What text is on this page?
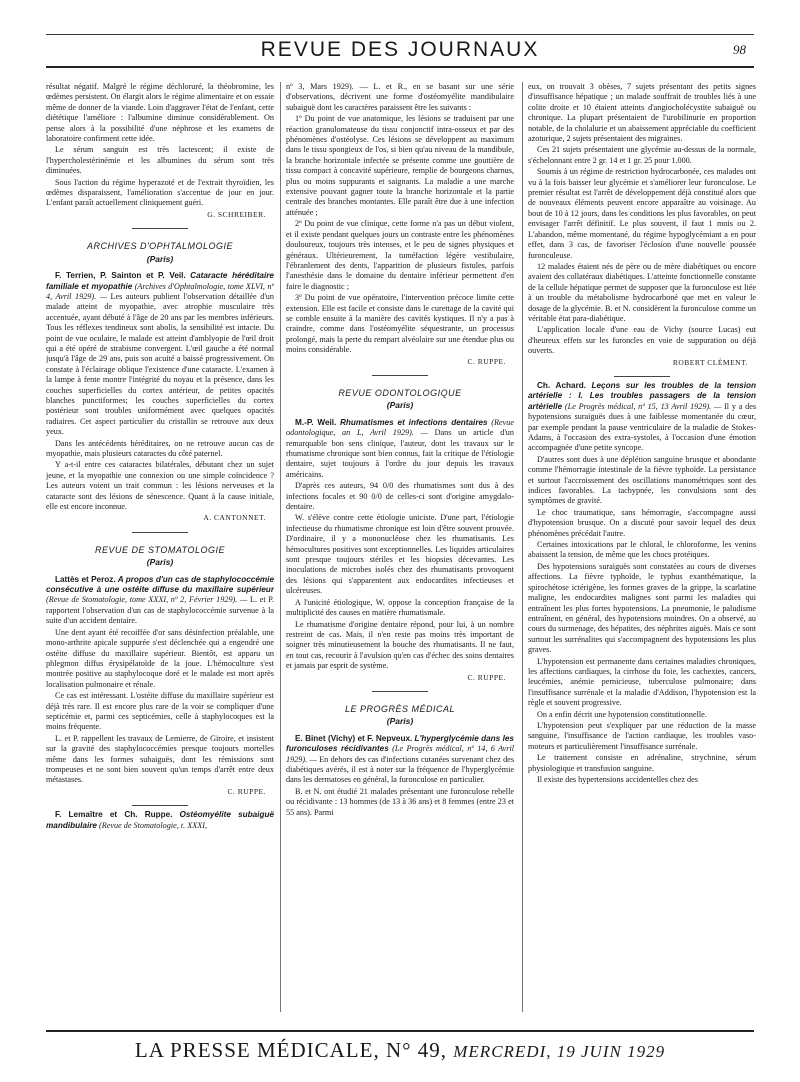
REVUE DES JOURNAUX	98

résultat négatif. Malgré le régime déchloruré, la théobromine, les œdèmes persistent. On élargit alors le régime alimentaire et on essaie même de donner de la viande. Loin d'aggraver l'état de l'enfant, cette diététique l'améliore : l'albumine diminue considérablement. On pense alors à la possibilité d'une néphrose et les examens de laboratoire confirment cette idée.

Le sérum sanguin est très lactescent; il existe de l'hypercholestérinémie et les albumines du sérum sont très diminuées.

Sous l'action du régime hyperazoté et de l'extrait thyroïdien, les œdèmes disparaissent, l'amélioration s'accentue de jour en jour. L'enfant paraît actuellement cliniquement guéri.

G. SCHREIBER.
ARCHIVES D'OPHTALMOLOGIE
(Paris)

F. Terrien, P. Sainton et P. Veil. Cataracte héréditaire familiale et myopathie (Archives d'Ophtalmologie, tome XLVI, nº 4, Avril 1929). — Les auteurs publient l'observation détaillée d'un malade atteint de myopathie, avec atrophie musculaire très accentuée, ayant débuté à l'âge de 20 ans par les membres inférieurs. Tous les réflexes tendineux sont abolis, la sensibilité est intacte. Du point de vue oculaire, le malade est atteint d'amblyopie de l'œil droit qui a été opéré de strabisme convergent. L'œil gauche a été normal jusqu'à l'âge de 29 ans, puis son acuité a baissé progressivement. On constate à l'éclairage oblique l'existence d'une cataracte. L'examen à la lampe à fente montre l'intégrité du noyau et la présence, dans les couches superficielles du cortex antérieur, de petites opacités blanches punctiformes; les couches superficielles du cortex postérieur sont troubles uniformément avec quelques opacités radiaires. Cet aspect particulier du cristallin se retrouve aux deux yeux.

Dans les antécédents héréditaires, on ne retrouve aucun cas de myopathie, mais plusieurs cataractes du côté paternel.

Y a-t-il entre ces cataractes bilatérales, débutant chez un sujet jeune, et la myopathie une connexion ou une simple coïncidence ? Les auteurs voient un trait commun : les lésions nerveuses et la cataracte sont des lésions de sénescence. Quant à la cause initiale, elle est encore inconnue.

A. CANTONNET.
REVUE DE STOMATOLOGIE
(Paris)

Lattès et Peroz. A propos d'un cas de staphylococcémie consécutive à une ostéite diffuse du maxillaire supérieur (Revue de Stomatologie, tome XXXI, nº 2, Février 1929). — L. et P. rapportent l'observation d'un cas de staphylococcémie survenue à la suite d'un accident dentaire.

Une dent ayant été recoiffée d'or sans désinfection préalable, une mono-arthrite apicale suppurée s'est déclenchée qui a engendré une ostéite diffuse du maxillaire supérieur. Bientôt, est apparu un phlegmon diffus érysipélatoïde de la joue. L'hémoculture s'est montrée positive au staphylocoque doré et le malade est mort après localisation pulmonaire et rénale.

Ce cas est intéressant. L'ostéite diffuse du maxillaire supérieur est déjà très rare. Il est encore plus rare de la voir se compliquer d'une septicémie et, parmi ces septicémies, celle à staphylocoques est la moins fréquente.

L. et P. rappellent les travaux de Lemierre, de Giroire, et insistent sur la gravité des staphylococcémies presque toujours mortelles même dans les formes subaiguës, dont les rémissions sont trompeuses et ne sont bien souvent qu'un temps d'arrêt entre deux métastases.

C. RUPPE.

F. Lemaître et Ch. Ruppe. Ostéomyélite subaiguë mandibulaire (Revue de Stomatologie, t. XXXI,

nº 3, Mars 1929). — L. et R., en se basant sur une série d'observations, décrivent une forme d'ostéomyélite mandibulaire subaiguë dont les caractères paraissent être les suivants :

1º Du point de vue anatomique, les lésions se traduisent par une réaction granulomateuse du tissu conjonctif intra-osseux et par des phénomènes d'ostéolyse. Ces lésions se développent au maximum dans le tissu spongieux de l'os, si bien qu'au niveau de la mandibule, la branche horizontale infectée se présente comme une gouttière de tissu compact à concavité supérieure, remplie de bourgeons charnus, plus ou moins suppurants et saignants. La maladie a une marche extensive pouvant gagner toute la branche horizontale et la partie centrale des branches montantes. Elle paraît être due à une infection atténuée ;

2º Du point de vue clinique, cette forme n'a pas un début violent, et il existe pendant quelques jours un contraste entre les phénomènes douloureux, toujours très intenses, et le peu de signes physiques et généraux. Ultérieurement, la tuméfaction légère vestibulaire, l'ébranlement des dents, l'apparition de plusieurs fistules, parfois l'anesthésie dans le domaine du dentaire inférieur permettent d'en faire le diagnostic ;

3º Du point de vue opératoire, l'intervention précoce limite cette extension. Elle est facile et consiste dans le curettage de la cavité qui se comble ensuite à la manière des cavités kystiques. Il n'y a pas à craindre, comme dans l'ostéomyélite séquestrante, un processus prolongé, mais la perte du rempart alvéolaire sur une étendue plus ou moins considérable.

C. RUPPE.
REVUE ODONTOLOGIQUE
(Paris)

M.-P. Weil. Rhumatismes et infections dentaires (Revue odontologique, an L, Avril 1929). — Dans un article d'un remarquable bon sens clinique, l'auteur, dont les travaux sur le rhumatisme chronique sont bien connus, fait la critique de l'étiologie dentaire, sujet toujours à l'ordre du jour depuis les travaux américains.

D'après ces auteurs, 94 0/0 des rhumatismes sont dus à des infections focales et 90 0/0 de celles-ci sont d'origine amygdalo-dentaire.

W. s'élève contre cette étiologie uniciste. D'une part, l'étiologie infectieuse du rhumatisme chronique est loin d'être souvent prouvée. D'ordinaire, il y a mononucléose chez les rhumatisants. Les hémocultures positives sont exceptionnelles. Les liquides articulaires sont presque toujours stériles et les biopsies décevantes. Les inoculations de microbes isolés chez des rhumatisants provoquent des lésions qui s'apparentent aux endocardites infectieuses et ulcéreuses.

A l'unicité étiologique, W. oppose la conception française de la multiplicité des causes en matière rhumatismale.

Le rhumatisme d'origine dentaire répond, pour lui, à un nombre restreint de cas. Mais, il n'en reste pas moins très important de soigner très minutieusement la bouche des rhumatisants. Il ne faut, en tout cas, recourir à l'avulsion qu'en cas d'échec des soins dentaires et jamais par esprit de système.

C. RUPPE.
LE PROGRÈS MÉDICAL
(Paris)

E. Binet (Vichy) et F. Nepveux. L'hyperglycémie dans les furonculoses récidivantes (Le Progrès médical, nº 14, 6 Avril 1929). — En dehors des cas d'infections cutanées survenant chez des diabétiques avérés, il est à noter sur la fréquence de l'hyperglycémie dans les dermatoses en général, la furonculose en particulier.

B. et N. ont étudié 21 malades présentant une furonculose rebelle ou récidivante : 13 hommes (de 13 à 36 ans) et 8 femmes (entre 23 et 55 ans). Parmi

eux, on trouvait 3 obèses, 7 sujets présentant des petits signes d'insuffisance hépatique ; un malade souffrait de troubles liés à une colite droite et 10 étaient atteints d'angiocholécystite subaiguë ou chronique. La plupart présentaient de l'urobilinurie en proportion notable, de la cholalurie et un abaissement appréciable du coefficient azoturique, 2 sujets présentaient des migraines.

Ces 21 sujets présentaient une glycémie au-dessus de la normale, s'échelonnant entre 2 gr. 14 et 1 gr. 25 pour 1.000.

Soumis à un régime de restriction hydrocarbonée, ces malades ont vu à la fois baisser leur glycémie et s'améliorer leur furonculose. Le premier résultat est l'arrêt de développement déjà constitué alors que de nouveaux éléments peuvent encore apparaître au voisinage. Au bout de 10 à 12 jours, dans les conditions les plus favorables, on peut envisager l'arrêt définitif. Le plus souvent, il faut 1 mois ou 2. L'abandon, même momentané, du régime hypoglycémiant a en pour effet, dans 3 cas, de favoriser l'éclosion d'une nouvelle poussée furonculeuse.

12 malades étaient nés de père ou de mère diabétiques ou encore avaient des collatéraux diabétiques. L'atteinte fonctionnelle constante de la cellule hépatique permet de supposer que la furonculose est liée à un trouble du métabolisme hydrocarboné que met en valeur le dosage de la glycémie. B. et N. considèrent la furonculose comme un véritable état para-diabétique.

L'application locale d'une eau de Vichy (source Lucas) eut d'heureux effets sur les furoncles en voie de suppuration ou déjà ouverts.

ROBERT CLÉMENT.

Ch. Achard. Leçons sur les troubles de la tension artérielle : I. Les troubles passagers de la tension artérielle (Le Progrès médical, nº 15, 13 Avril 1929). — Il y a des hypotensions suraiguës dues à une faiblesse momentanée du cœur, par exemple pendant la pause ventriculaire de la maladie de Stokes-Adams, à l'occasion des extra-systoles, à l'occasion d'une émotion accompagnée d'une petite syncope.

D'autres sont dues à une déplétion sanguine brusque et abondante comme l'hémorragie intestinale de la fièvre typhoïde. La persistance et surtout l'accroissement des oscillations manométriques sont des indices favorables. La tachypnée, les convulsions sont des symptômes de gravité.

Le choc traumatique, sans hémorragie, s'accompagne aussi d'hypotension brusque. On a discuté pour savoir lequel des deux phénomènes précédait l'autre.

Certaines intoxications par le chloral, le chloroforme, les venins abaissent la tension, de même que les chocs protéiques.

Des hypotensions suraiguës sont constatées au cours de diverses affections. La fièvre typhoïde, le typhus exanthématique, la spirochétose ictérigène, les formes graves de la grippe, la scarlatine maligne, les endocardites malignes sont parmi les maladies qui entraînent les plus fortes hypotensions. La pneumonie, le paludisme entraînent, en général, des hypotensions moindres. On a observé, au cours du surmenage, des hépatites, des néphrites aiguës. Mais ce sont surtout les surrénalites qui s'accompagnent des hypotensions les plus graves.

L'hypotension est permanente dans certaines maladies chroniques, les affections cardiaques, la cirrhose du foie, les cachexies, cancers, leucémies, anémie pernicieuse, tuberculose pulmonaire; dans l'insuffisance surrénale et la maladie d'Addison, l'hypotension est la règle et souvent progressive.

On a enfin décrit une hypotension constitutionnelle.

L'hypotension peut s'expliquer par une réduction de la masse sanguine, l'insuffisance de l'action cardiaque, les troubles vaso-moteurs et particulièrement l'insuffisance surrénale.

Le traitement consiste en adrénaline, strychnine, sérum physiologique et transfusion sanguine.

Il existe des hypertensions accidentelles chez des

LA PRESSE MÉDICALE, N° 49, MERCREDI, 19 JUIN 1929
